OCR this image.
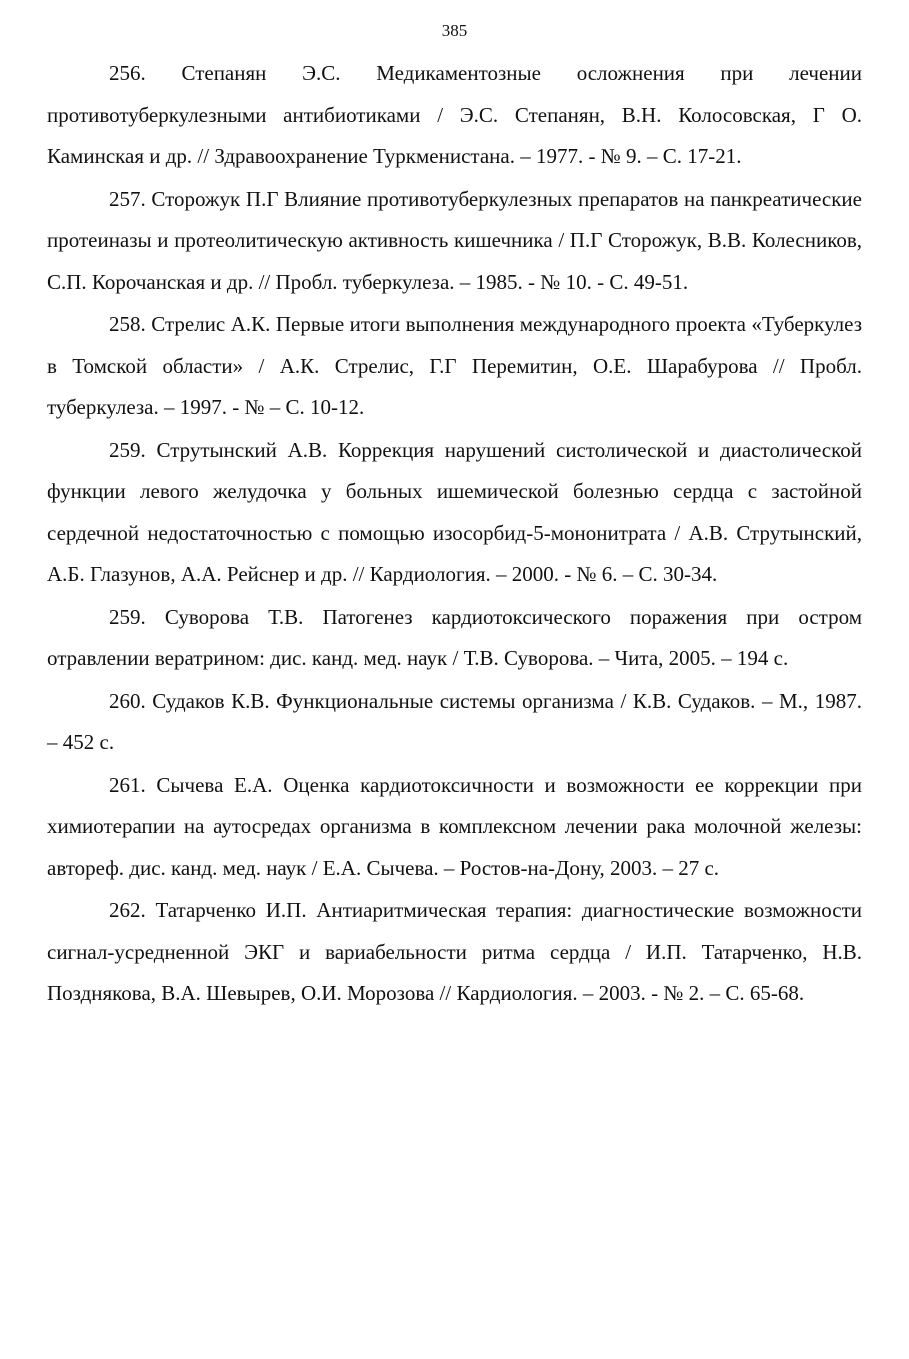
385

256. Степанян Э.С. Медикаментозные осложнения при лечении противотуберкулезными антибиотиками / Э.С. Степанян, В.Н. Колосовская, Г О. Каминская и др. // Здравоохранение Туркменистана. – 1977. - № 9. – С. 17-21.

257. Сторожук П.Г Влияние противотуберкулезных препаратов на панкреатические протеиназы и протеолитическую активность кишечника / П.Г Сторожук, В.В. Колесников, С.П. Корочанская и др. // Пробл. туберкулеза. – 1985. - № 10. - С. 49-51.

258. Стрелис А.К. Первые итоги выполнения международного проекта «Туберкулез в Томской области» / А.К. Стрелис, Г.Г Перемитин, О.Е. Шарабурова // Пробл. туберкулеза. – 1997. - № – С. 10-12.

259. Струтынский А.В. Коррекция нарушений систолической и диастолической функции левого желудочка у больных ишемической болезнью сердца с застойной сердечной недостаточностью с помощью изосорбид-5-мононитрата / А.В. Струтынский, А.Б. Глазунов, А.А. Рейснер и др. // Кардиология. – 2000. - № 6. – С. 30-34.

259. Суворова Т.В. Патогенез кардиотоксического поражения при остром отравлении вератрином: дис. канд. мед. наук / Т.В. Суворова. – Чита, 2005. – 194 с.

260. Судаков К.В. Функциональные системы организма / К.В. Судаков. – М., 1987. – 452 с.

261. Сычева Е.А. Оценка кардиотоксичности и возможности ее коррекции при химиотерапии на аутосредах организма в комплексном лечении рака молочной железы: автореф. дис. канд. мед. наук / Е.А. Сычева. – Ростов-на-Дону, 2003. – 27 с.

262. Татарченко И.П. Антиаритмическая терапия: диагностические возможности сигнал-усредненной ЭКГ и вариабельности ритма сердца / И.П. Татарченко, Н.В. Позднякова, В.А. Шевырев, О.И. Морозова // Кардиология. – 2003. - № 2. – С. 65-68.
